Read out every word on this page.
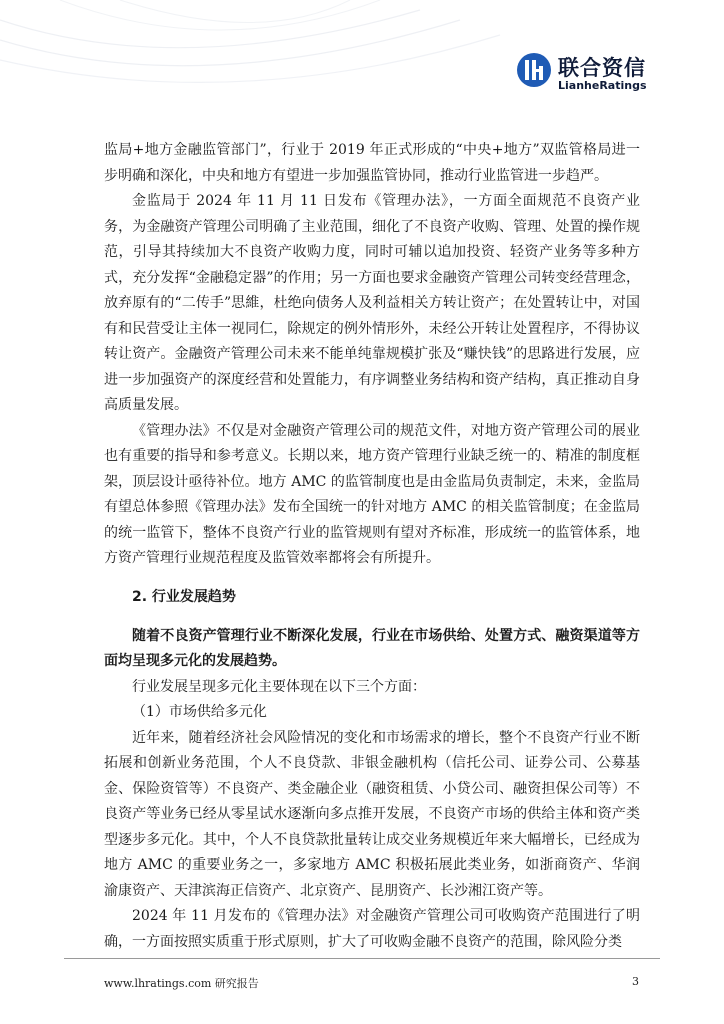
联合资信
LianheRatings

监局+地方金融监管部门”，行业于 2019 年正式形成的“中央+地方”双监管格局进一步明确和深化，中央和地方有望进一步加强监管协同，推动行业监管进一步趋严。

金监局于 2024 年 11 月 11 日发布《管理办法》，一方面全面规范不良资产业务，为金融资产管理公司明确了主业范围，细化了不良资产收购、管理、处置的操作规范，引导其持续加大不良资产收购力度，同时可辅以追加投资、轻资产业务等多种方式，充分发挥“金融稳定器”的作用；另一方面也要求金融资产管理公司转变经营理念，放弃原有的“二传手”思維，杜绝向债务人及利益相关方转让资产；在处置转让中，对国有和民营受让主体一视同仁，除规定的例外情形外，未经公开转让处置程序，不得协议转让资产。金融资产管理公司未来不能单纯靠规模扩张及“赚快钱”的思路进行发展，应进一步加强资产的深度经营和处置能力，有序调整业务结构和资产结构，真正推动自身高质量发展。

《管理办法》不仅是对金融资产管理公司的规范文件，对地方资产管理公司的展业也有重要的指导和参考意义。长期以来，地方资产管理行业缺乏统一的、精准的制度框架，顶层设计亟待补位。地方 AMC 的监管制度也是由金监局负责制定，未来，金监局有望总体参照《管理办法》发布全国统一的针对地方 AMC 的相关监管制度；在金监局的统一监管下，整体不良资产行业的监管规则有望对齐标准，形成统一的监管体系，地方资产管理行业规范程度及监管效率都将会有所提升。

2. 行业发展趋势

随着不良资产管理行业不断深化发展，行业在市场供给、处置方式、融资渠道等方面均呈现多元化的发展趋势。

行业发展呈现多元化主要体现在以下三个方面：

（1）市场供给多元化

近年来，随着经济社会风险情况的变化和市场需求的增长，整个不良资产行业不断拓展和创新业务范围，个人不良贷款、非银金融机构（信托公司、证券公司、公募基金、保险资管等）不良资产、类金融企业（融资租赁、小贷公司、融资担保公司等）不良资产等业务已经从零星试水逐渐向多点推开发展，不良资产市场的供给主体和资产类型逐步多元化。其中，个人不良贷款批量转让成交业务规模近年来大幅增长，已经成为地方 AMC 的重要业务之一，多家地方 AMC 积极拓展此类业务，如浙商资产、华润渝康资产、天津滨海正信资产、北京资产、昆朋资产、长沙湘江资产等。

2024 年 11 月发布的《管理办法》对金融资产管理公司可收购资产范围进行了明确，一方面按照实质重于形式原则，扩大了可收购金融不良资产的范围，除风险分类

www.lhratings.com 研究报告	3
